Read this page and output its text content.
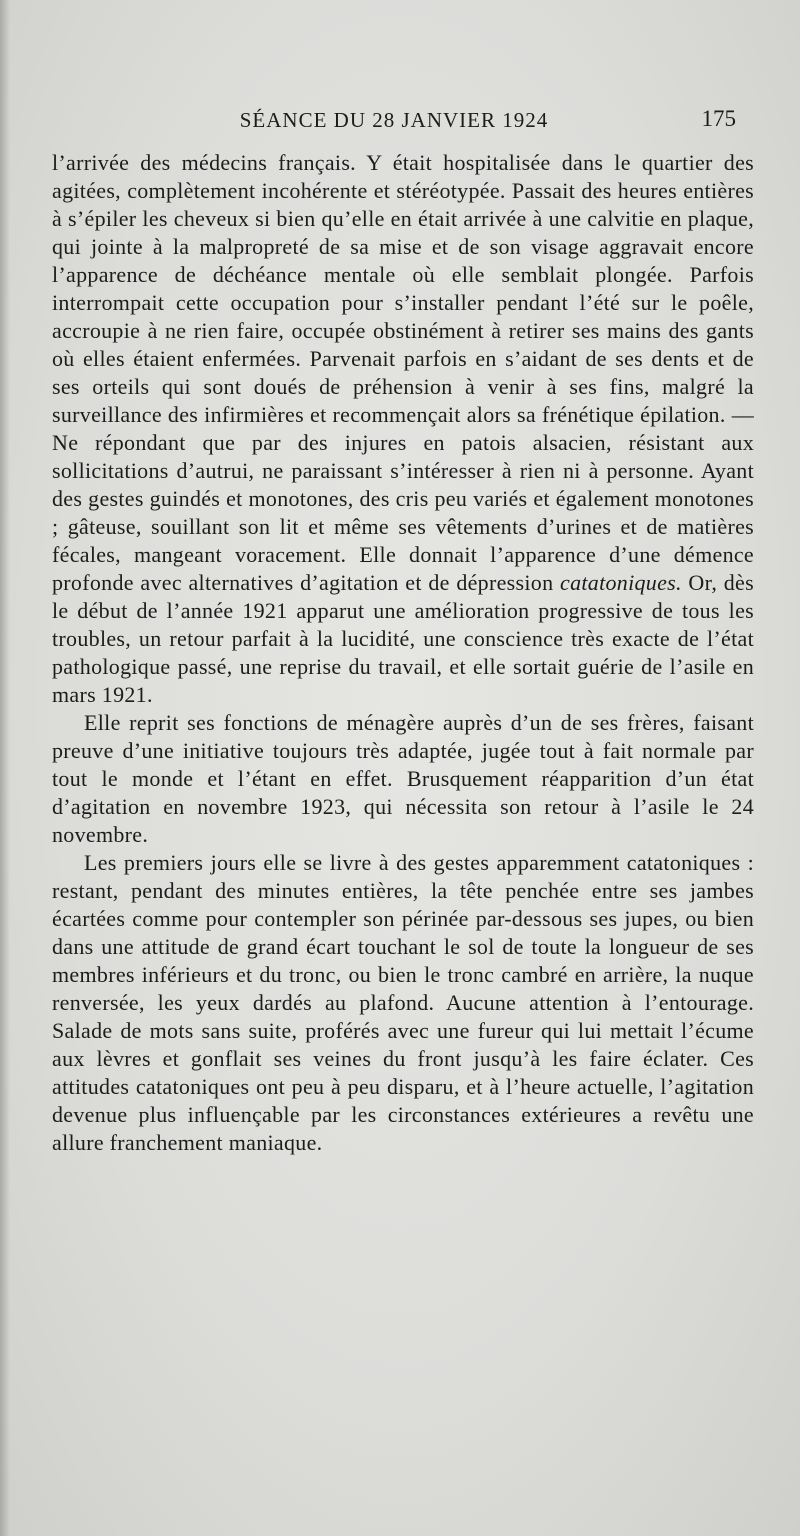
SÉANCE DU 28 JANVIER 1924	175

l’arrivée des médecins français. Y était hospitalisée dans le quartier des agitées, complètement incohérente et stéréotypée. Passait des heures entières à s’épiler les cheveux si bien qu’elle en était arrivée à une calvitie en plaque, qui jointe à la malpropreté de sa mise et de son visage aggravait encore l’apparence de déchéance mentale où elle semblait plongée. Parfois interrompait cette occupation pour s’installer pendant l’été sur le poêle, accroupie à ne rien faire, occupée obstinément à retirer ses mains des gants où elles étaient enfermées. Parvenait parfois en s’aidant de ses dents et de ses orteils qui sont doués de préhension à venir à ses fins, malgré la surveillance des infirmières et recommençait alors sa frénétique épilation. — Ne répondant que par des injures en patois alsacien, résistant aux sollicitations d’autrui, ne paraissant s’intéresser à rien ni à personne. Ayant des gestes guindés et monotones, des cris peu variés et également monotones ; gâteuse, souillant son lit et même ses vêtements d’urines et de matières fécales, mangeant voracement. Elle donnait l’apparence d’une démence profonde avec alternatives d’agitation et de dépression catatoniques. Or, dès le début de l’année 1921 apparut une amélioration progressive de tous les troubles, un retour parfait à la lucidité, une conscience très exacte de l’état pathologique passé, une reprise du travail, et elle sortait guérie de l’asile en mars 1921.

Elle reprit ses fonctions de ménagère auprès d’un de ses frères, faisant preuve d’une initiative toujours très adaptée, jugée tout à fait normale par tout le monde et l’étant en effet. Brusquement réapparition d’un état d’agitation en novembre 1923, qui nécessita son retour à l’asile le 24 novembre.

Les premiers jours elle se livre à des gestes apparemment catatoniques : restant, pendant des minutes entières, la tête penchée entre ses jambes écartées comme pour contempler son périnée par-dessous ses jupes, ou bien dans une attitude de grand écart touchant le sol de toute la longueur de ses membres inférieurs et du tronc, ou bien le tronc cambré en arrière, la nuque renversée, les yeux dardés au plafond. Aucune attention à l’entourage. Salade de mots sans suite, proférés avec une fureur qui lui mettait l’écume aux lèvres et gonflait ses veines du front jusqu’à les faire éclater. Ces attitudes catatoniques ont peu à peu disparu, et à l’heure actuelle, l’agitation devenue plus influençable par les circonstances extérieures a revêtu une allure franchement maniaque.
